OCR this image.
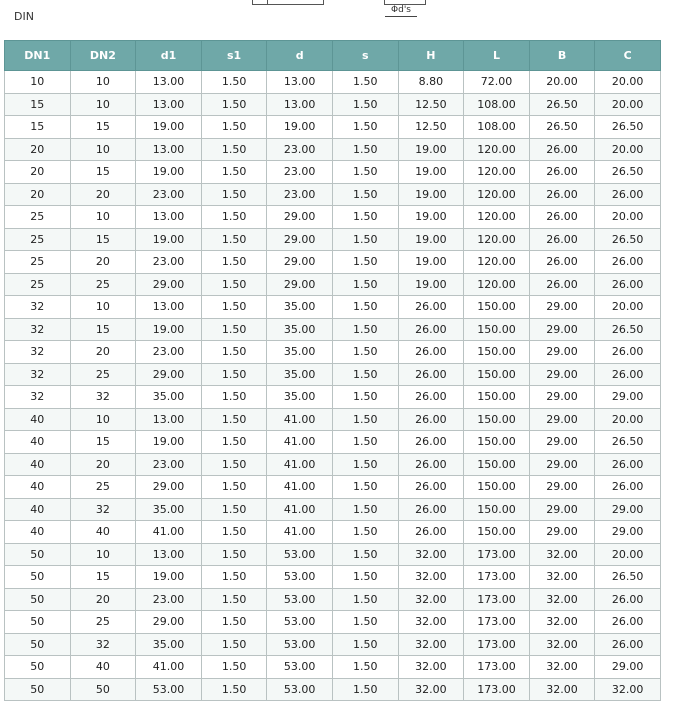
Φd's
DIN
DN1	DN2	d1	s1	d	s	H	L	B	C
10	10	13.00	1.50	13.00	1.50	8.80	72.00	20.00	20.00
15	10	13.00	1.50	13.00	1.50	12.50	108.00	26.50	20.00
15	15	19.00	1.50	19.00	1.50	12.50	108.00	26.50	26.50
20	10	13.00	1.50	23.00	1.50	19.00	120.00	26.00	20.00
20	15	19.00	1.50	23.00	1.50	19.00	120.00	26.00	26.50
20	20	23.00	1.50	23.00	1.50	19.00	120.00	26.00	26.00
25	10	13.00	1.50	29.00	1.50	19.00	120.00	26.00	20.00
25	15	19.00	1.50	29.00	1.50	19.00	120.00	26.00	26.50
25	20	23.00	1.50	29.00	1.50	19.00	120.00	26.00	26.00
25	25	29.00	1.50	29.00	1.50	19.00	120.00	26.00	26.00
32	10	13.00	1.50	35.00	1.50	26.00	150.00	29.00	20.00
32	15	19.00	1.50	35.00	1.50	26.00	150.00	29.00	26.50
32	20	23.00	1.50	35.00	1.50	26.00	150.00	29.00	26.00
32	25	29.00	1.50	35.00	1.50	26.00	150.00	29.00	26.00
32	32	35.00	1.50	35.00	1.50	26.00	150.00	29.00	29.00
40	10	13.00	1.50	41.00	1.50	26.00	150.00	29.00	20.00
40	15	19.00	1.50	41.00	1.50	26.00	150.00	29.00	26.50
40	20	23.00	1.50	41.00	1.50	26.00	150.00	29.00	26.00
40	25	29.00	1.50	41.00	1.50	26.00	150.00	29.00	26.00
40	32	35.00	1.50	41.00	1.50	26.00	150.00	29.00	29.00
40	40	41.00	1.50	41.00	1.50	26.00	150.00	29.00	29.00
50	10	13.00	1.50	53.00	1.50	32.00	173.00	32.00	20.00
50	15	19.00	1.50	53.00	1.50	32.00	173.00	32.00	26.50
50	20	23.00	1.50	53.00	1.50	32.00	173.00	32.00	26.00
50	25	29.00	1.50	53.00	1.50	32.00	173.00	32.00	26.00
50	32	35.00	1.50	53.00	1.50	32.00	173.00	32.00	26.00
50	40	41.00	1.50	53.00	1.50	32.00	173.00	32.00	29.00
50	50	53.00	1.50	53.00	1.50	32.00	173.00	32.00	32.00
